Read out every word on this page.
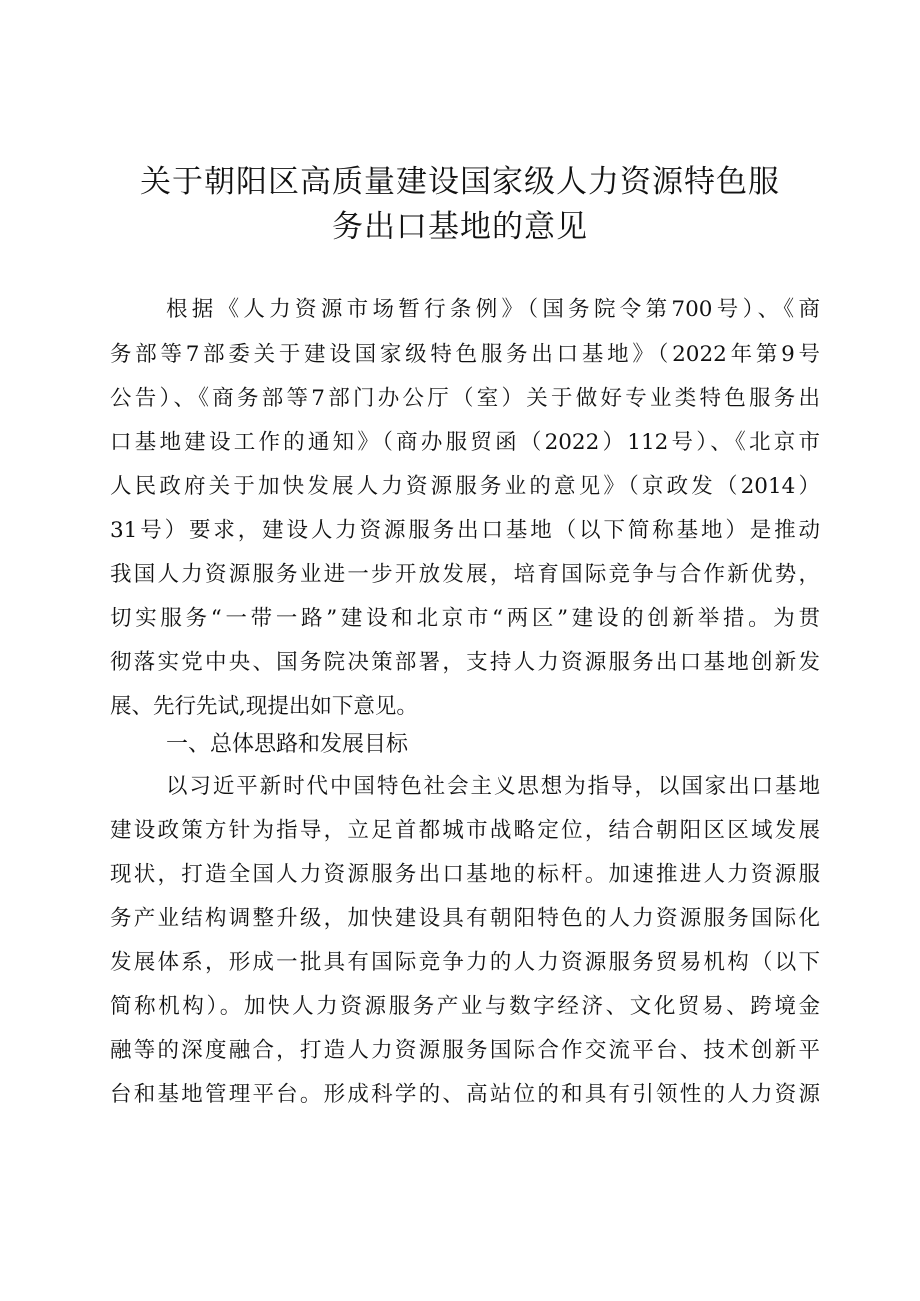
关于朝阳区高质量建设国家级人力资源特色服
务出口基地的意见
根据《人力资源市场暂行条例》（国务院令第700号）、《商
务部等7部委关于建设国家级特色服务出口基地》（2022年第9号
公告）、《商务部等7部门办公厅（室）关于做好专业类特色服务出
口基地建设工作的通知》（商办服贸函（2022）112号）、《北京市
人民政府关于加快发展人力资源服务业的意见》（京政发（2014）
31号）要求，建设人力资源服务出口基地（以下简称基地）是推动
我国人力资源服务业进一步开放发展，培育国际竞争与合作新优势，
切实服务“一带一路”建设和北京市“两区”建设的创新举措。为贯
彻落实党中央、国务院决策部署，支持人力资源服务出口基地创新发
展、先行先试,现提出如下意见。
一、总体思路和发展目标
以习近平新时代中国特色社会主义思想为指导，以国家出口基地
建设政策方针为指导，立足首都城市战略定位，结合朝阳区区域发展
现状，打造全国人力资源服务出口基地的标杆。加速推进人力资源服
务产业结构调整升级，加快建设具有朝阳特色的人力资源服务国际化
发展体系，形成一批具有国际竞争力的人力资源服务贸易机构（以下
简称机构）。加快人力资源服务产业与数字经济、文化贸易、跨境金
融等的深度融合，打造人力资源服务国际合作交流平台、技术创新平
台和基地管理平台。形成科学的、高站位的和具有引领性的人力资源
